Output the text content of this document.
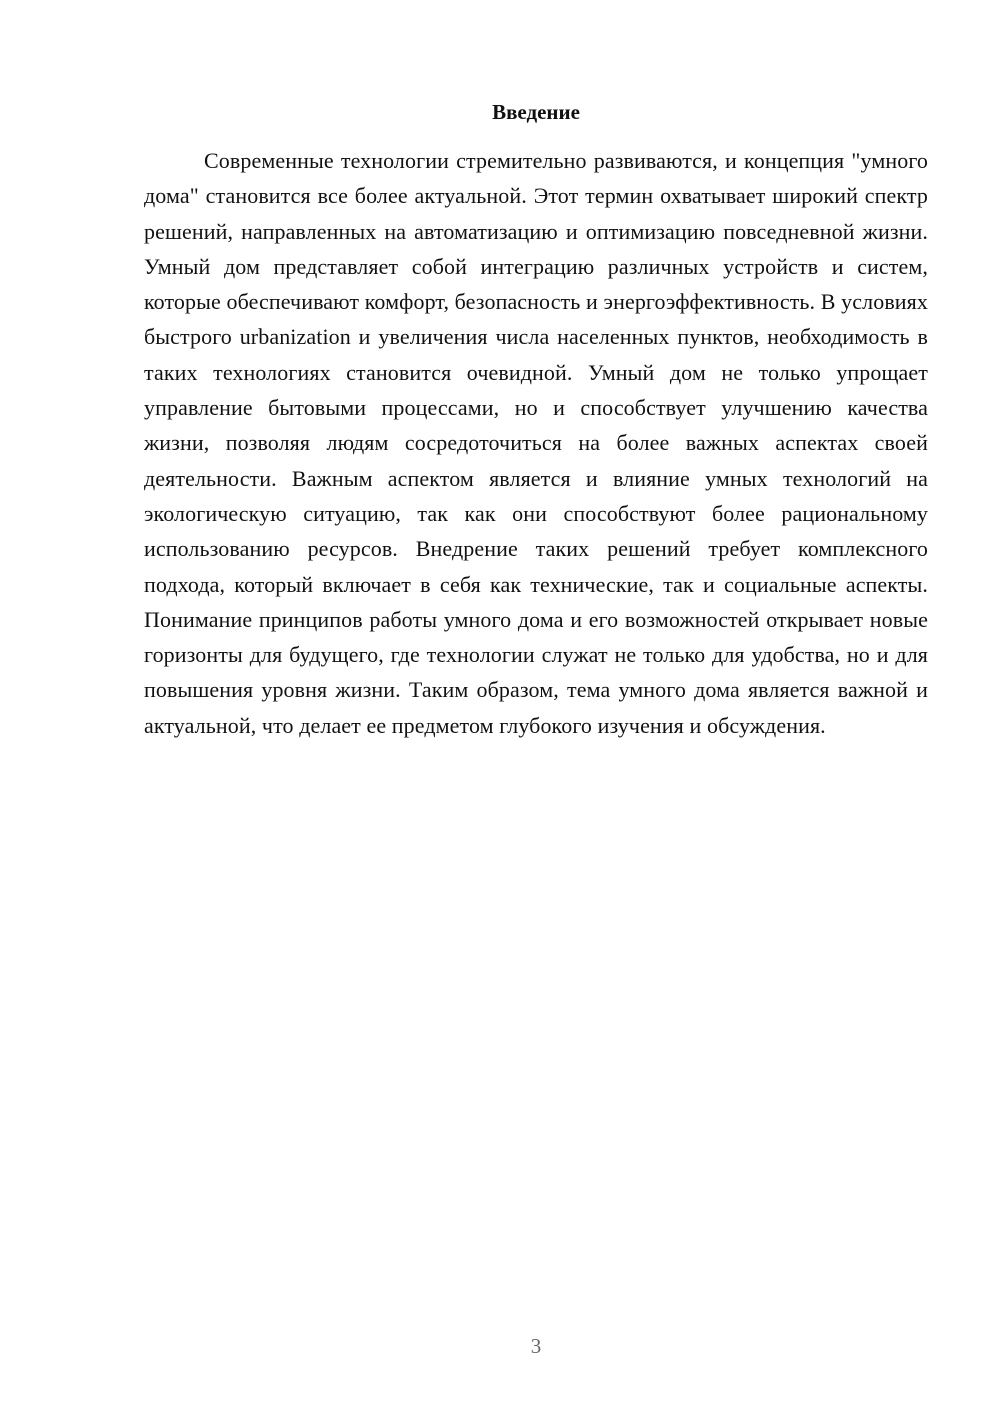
Введение

Современные технологии стремительно развиваются, и концепция "умного дома" становится все более актуальной. Этот термин охватывает широкий спектр решений, направленных на автоматизацию и оптимизацию повседневной жизни. Умный дом представляет собой интеграцию различных устройств и систем, которые обеспечивают комфорт, безопасность и энергоэффективность. В условиях быстрого urbanization и увеличения числа населенных пунктов, необходимость в таких технологиях становится очевидной. Умный дом не только упрощает управление бытовыми процессами, но и способствует улучшению качества жизни, позволяя людям сосредоточиться на более важных аспектах своей деятельности. Важным аспектом является и влияние умных технологий на экологическую ситуацию, так как они способствуют более рациональному использованию ресурсов. Внедрение таких решений требует комплексного подхода, который включает в себя как технические, так и социальные аспекты. Понимание принципов работы умного дома и его возможностей открывает новые горизонты для будущего, где технологии служат не только для удобства, но и для повышения уровня жизни. Таким образом, тема умного дома является важной и актуальной, что делает ее предметом глубокого изучения и обсуждения.

3
